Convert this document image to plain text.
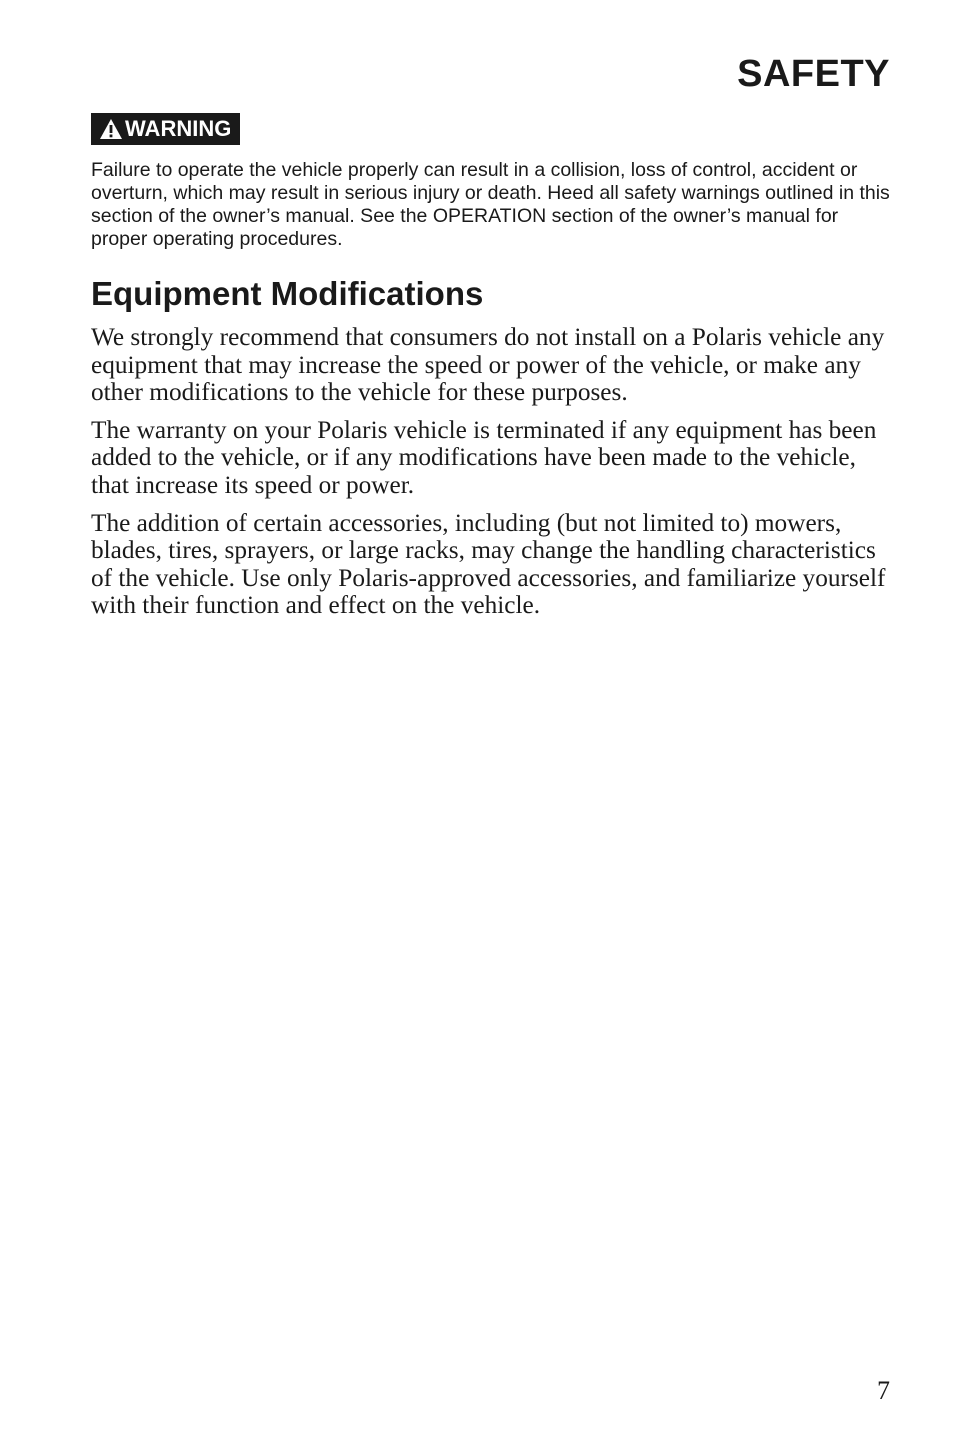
SAFETY
WARNING

Failure to operate the vehicle properly can result in a collision, loss of control, accident or overturn, which may result in serious injury or death. Heed all safety warnings outlined in this section of the owner’s manual. See the OPERATION section of the owner’s manual for proper operating procedures.

Equipment Modifications

We strongly recommend that consumers do not install on a Polaris vehicle any equipment that may increase the speed or power of the vehicle, or make any other modifications to the vehicle for these purposes.

The warranty on your Polaris vehicle is terminated if any equipment has been added to the vehicle, or if any modifications have been made to the vehicle, that increase its speed or power.

The addition of certain accessories, including (but not limited to) mowers, blades, tires, sprayers, or large racks, may change the handling characteristics of the vehicle. Use only Polaris-approved accessories, and familiarize yourself with their function and effect on the vehicle.

7
